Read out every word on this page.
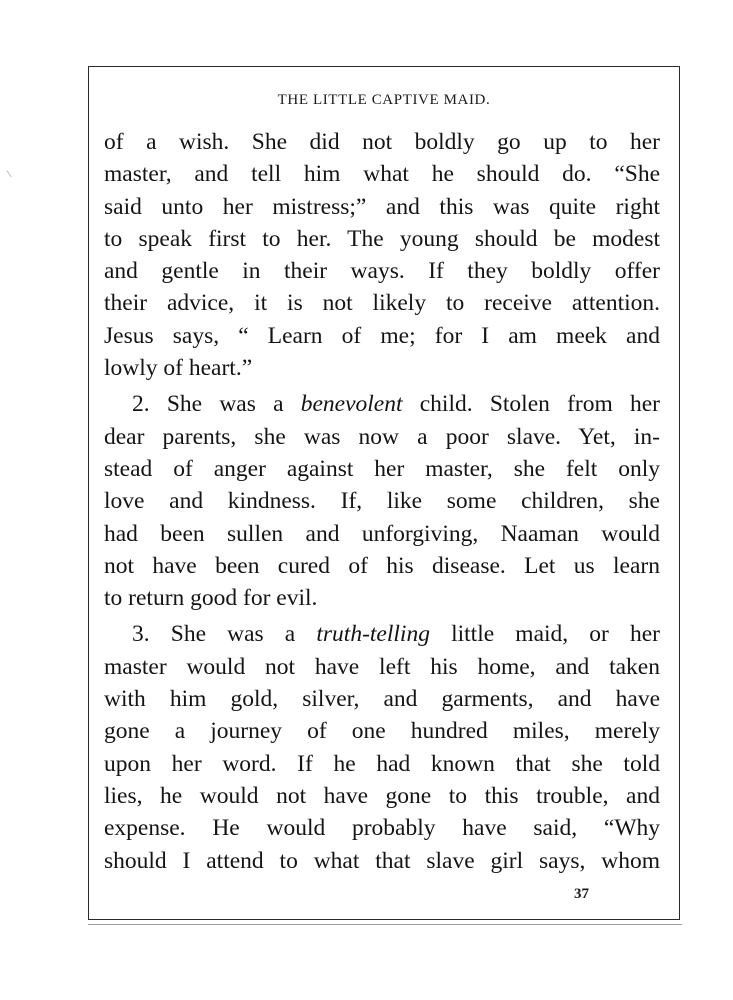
THE LITTLE CAPTIVE MAID.
of a wish. She did not boldly go up to her
master, and tell him what he should do. “She
said unto her mistress;” and this was quite right
to speak first to her. The young should be modest
and gentle in their ways. If they boldly offer
their advice, it is not likely to receive attention.
Jesus says, “ Learn of me; for I am meek and
lowly of heart.”
2. She was a benevolent child. Stolen from her
dear parents, she was now a poor slave. Yet, in-
stead of anger against her master, she felt only
love and kindness. If, like some children, she
had been sullen and unforgiving, Naaman would
not have been cured of his disease. Let us learn
to return good for evil.
3. She was a truth-telling little maid, or her
master would not have left his home, and taken
with him gold, silver, and garments, and have
gone a journey of one hundred miles, merely
upon her word. If he had known that she told
lies, he would not have gone to this trouble, and
expense. He would probably have said, “Why
should I attend to what that slave girl says, whom
37
